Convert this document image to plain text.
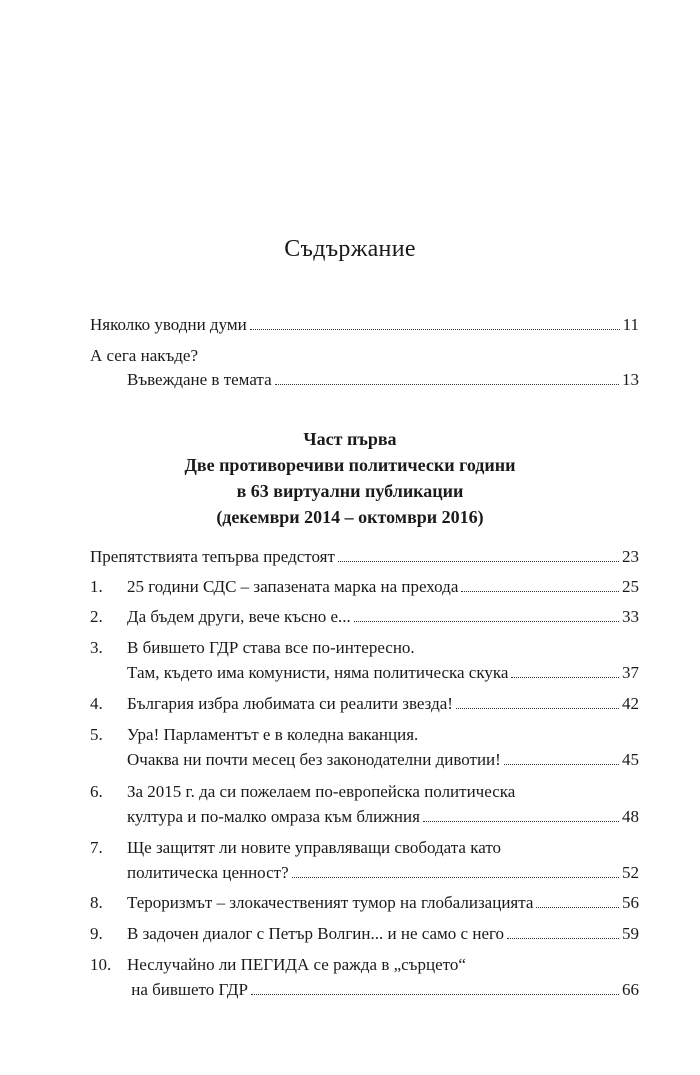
Съдържание
Няколко уводни думи	11
А сега накъде?
Въвеждане в темата	13
Част първа
Две противоречиви политически години
в 63 виртуални публикации
(декември 2014 – октомври 2016)
Препятствията тепърва предстоят	23
1. 25 години СДС – запазената марка на прехода	25
2. Да бъдем други, вече късно е...	33
3. В бившето ГДР става все по-интересно.
Там, където има комунисти, няма политическа скука	37
4. България избра любимата си реалити звезда!	42
5. Ура! Парламентът е в коледна ваканция.
Очаква ни почти месец без законодателни дивотии!	45
6. За 2015 г. да си пожелаем по-европейска политическа
култура и по-малко омраза към ближния	48
7. Ще защитят ли новите управляващи свободата като
политическа ценност?	52
8. Тероризмът – злокачественият тумор на глобализацията	56
9. В задочен диалог с Петър Волгин... и не само с него	59
10. Неслучайно ли ПЕГИДА се ражда в „сърцето“
на бившето ГДР	66
